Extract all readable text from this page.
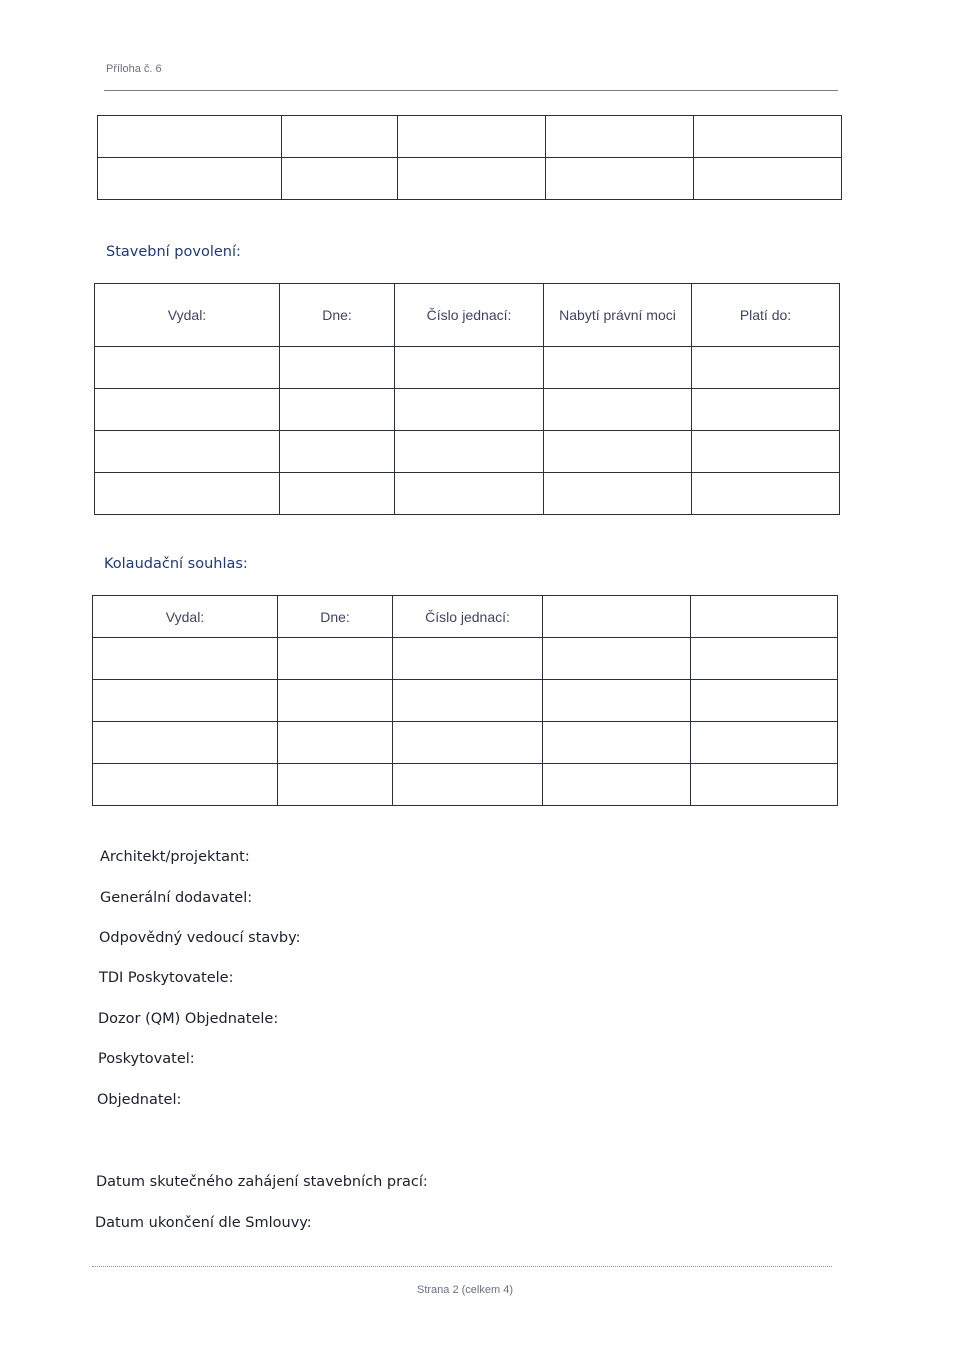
Příloha č. 6

Stavební povolení:
Vydal:	Dne:	Číslo jednací:	Nabytí právní moci	Platí do:

Kolaudační souhlas:
Vydal:	Dne:	Číslo jednací:		

Architekt/projektant:
Generální dodavatel:
Odpovědný vedoucí stavby:
TDI Poskytovatele:
Dozor (QM) Objednatele:
Poskytovatel:
Objednatel:
Datum skutečného zahájení stavebních prací:
Datum ukončení dle Smlouvy:
Strana 2 (celkem 4)
